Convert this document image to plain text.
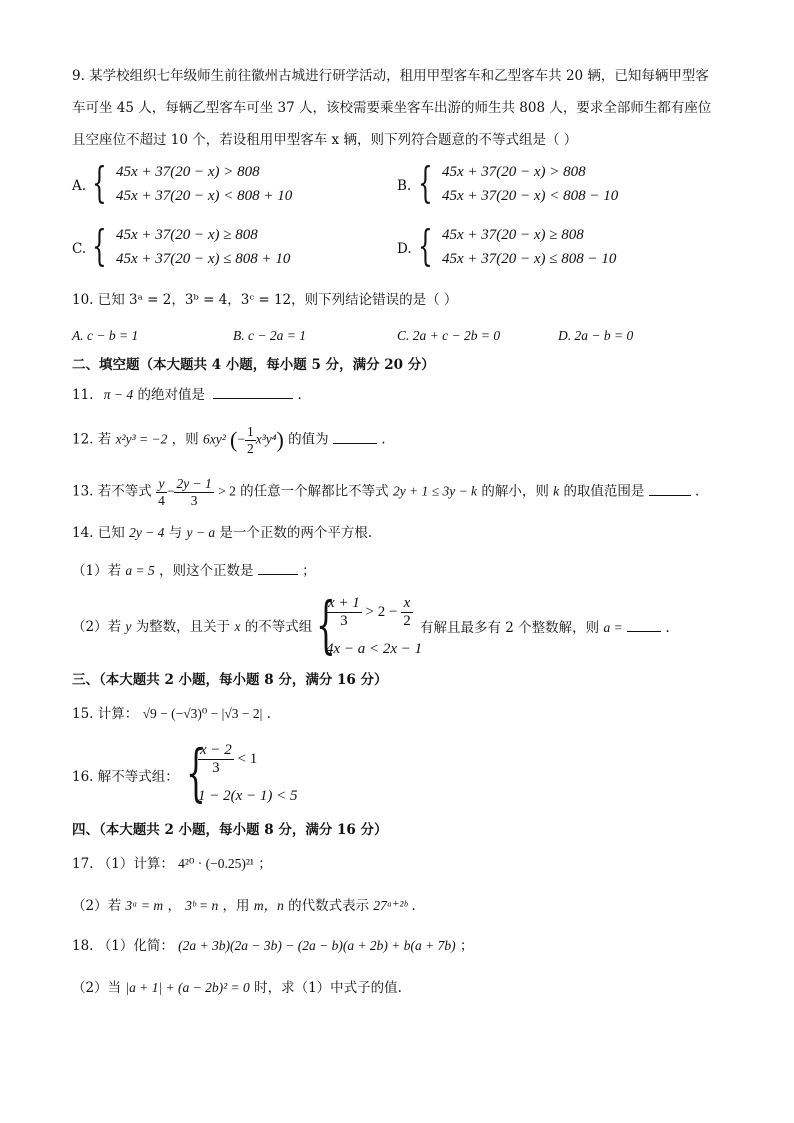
9. 某学校组织七年级师生前往徽州古城进行研学活动，租用甲型客车和乙型客车共 20 辆，已知每辆甲型客
车可坐 45 人，每辆乙型客车可坐 37 人，该校需要乘坐客车出游的师生共 808 人，要求全部师生都有座位
且空座位不超过 10 个，若设租用甲型客车 x 辆，则下列符合题意的不等式组是（ ）
A. { 45x + 37(20 − x) > 808
45x + 37(20 − x) < 808 + 10
B. { 45x + 37(20 − x) > 808
45x + 37(20 − x) < 808 − 10
C. { 45x + 37(20 − x) ≥ 808
45x + 37(20 − x) ≤ 808 + 10
D. { 45x + 37(20 − x) ≥ 808
45x + 37(20 − x) ≤ 808 − 10
10. 已知 3ᵃ = 2，3ᵇ = 4，3ᶜ = 12，则下列结论错误的是（ ）
A. c − b = 1	B. c − 2a = 1	C. 2a + c − 2b = 0	D. 2a − b = 0
二、填空题（本大题共 4 小题，每小题 5 分，满分 20 分）
11. π − 4 的绝对值是	.
12. 若 x²y³ = −2 ，则 6xy² (− $\frac{1}{2} x^3y^4$) 的值为	.
13. 若不等式 $\frac{y}{4} - \frac{2y - 1}{3} > 2$ 的任意一个解都比不等式 2y + 1 ≤ 3y − k 的解小，则 k 的取值范围是	.
14. 已知 2y − 4 与 y − a 是一个正数的两个平方根.
（1）若 a = 5 ，则这个正数是	；
（2）若 y 为整数，且关于 x 的不等式组 {
$\frac{x + 1}{3} > 2 - \frac{x}{2}$
4x − a < 2x − 1
有解且最多有 2 个整数解，则 a =	.
三、（本大题共 2 小题，每小题 8 分，满分 16 分）
15. 计算： √9 − (−√3)⁰ − |√3 − 2| .
16. 解不等式组： {
$\frac{x - 2}{3} < 1$
1 − 2(x − 1) < 5
四、（本大题共 2 小题，每小题 8 分，满分 16 分）
17. （1）计算： 4²⁰ · (−0.25)²¹ ；
（2）若 3ᵃ = m ， 3ᵇ = n ，用 m，n 的代数式表示 27ᵃ⁺²ᵇ .
18. （1）化简： (2a + 3b)(2a − 3b) − (2a − b)(a + 2b) + b(a + 7b) ；
（2）当 |a + 1| + (a − 2b)² = 0 时，求（1）中式子的值.
